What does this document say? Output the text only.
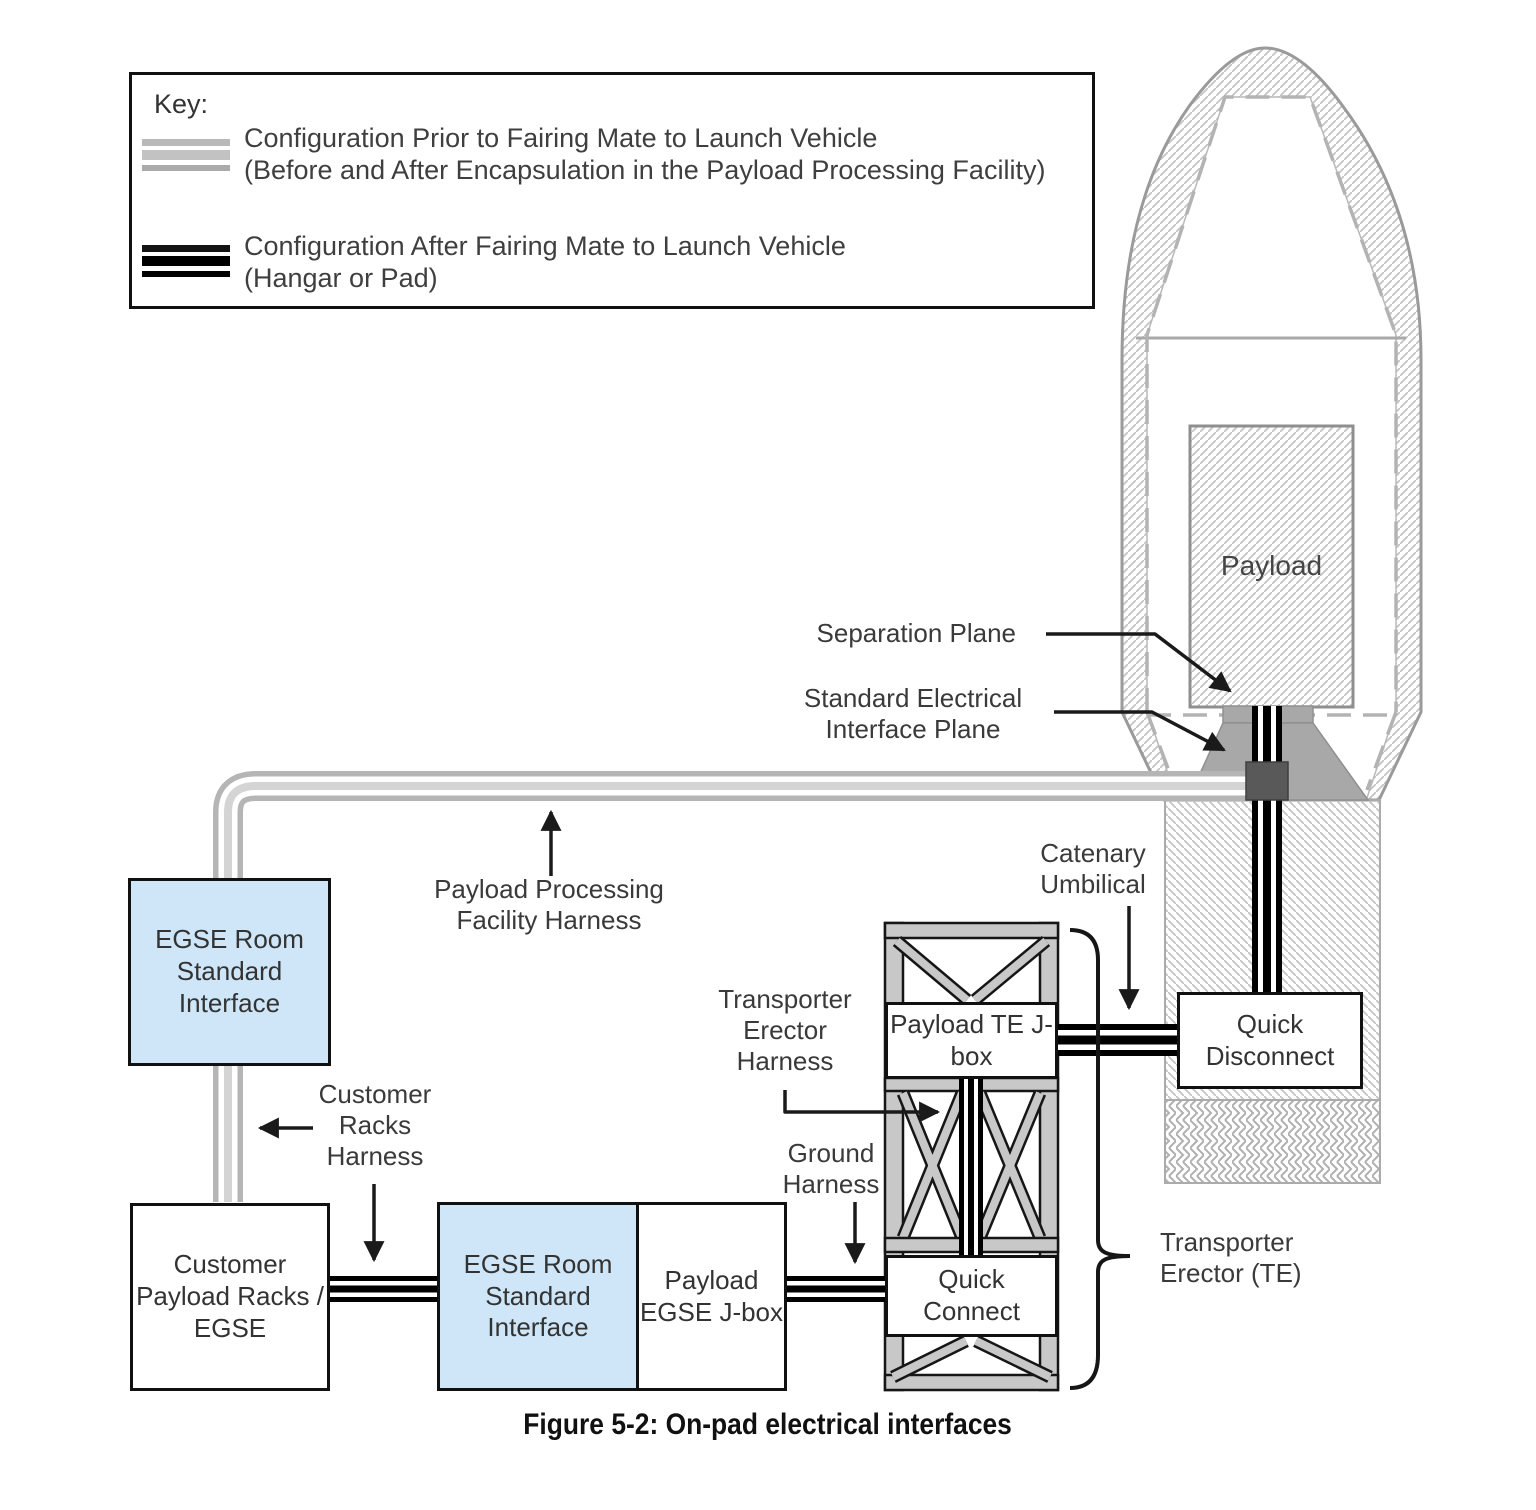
Key:
Configuration Prior to Fairing Mate to Launch Vehicle
(Before and After Encapsulation in the Payload Processing Facility)
Configuration After Fairing Mate to Launch Vehicle
(Hangar or Pad)
EGSE Room Standard Interface
Customer Payload Racks / EGSE
EGSE Room Standard Interface
Payload EGSE J-box
Payload TE J-box
Quick Connect
Quick Disconnect
Payload
Separation Plane
Standard Electrical Interface Plane
Catenary Umbilical
Payload Processing Facility Harness
Customer Racks Harness
Transporter Erector Harness
Ground Harness
Transporter Erector (TE)
Figure 5-2: On-pad electrical interfaces
